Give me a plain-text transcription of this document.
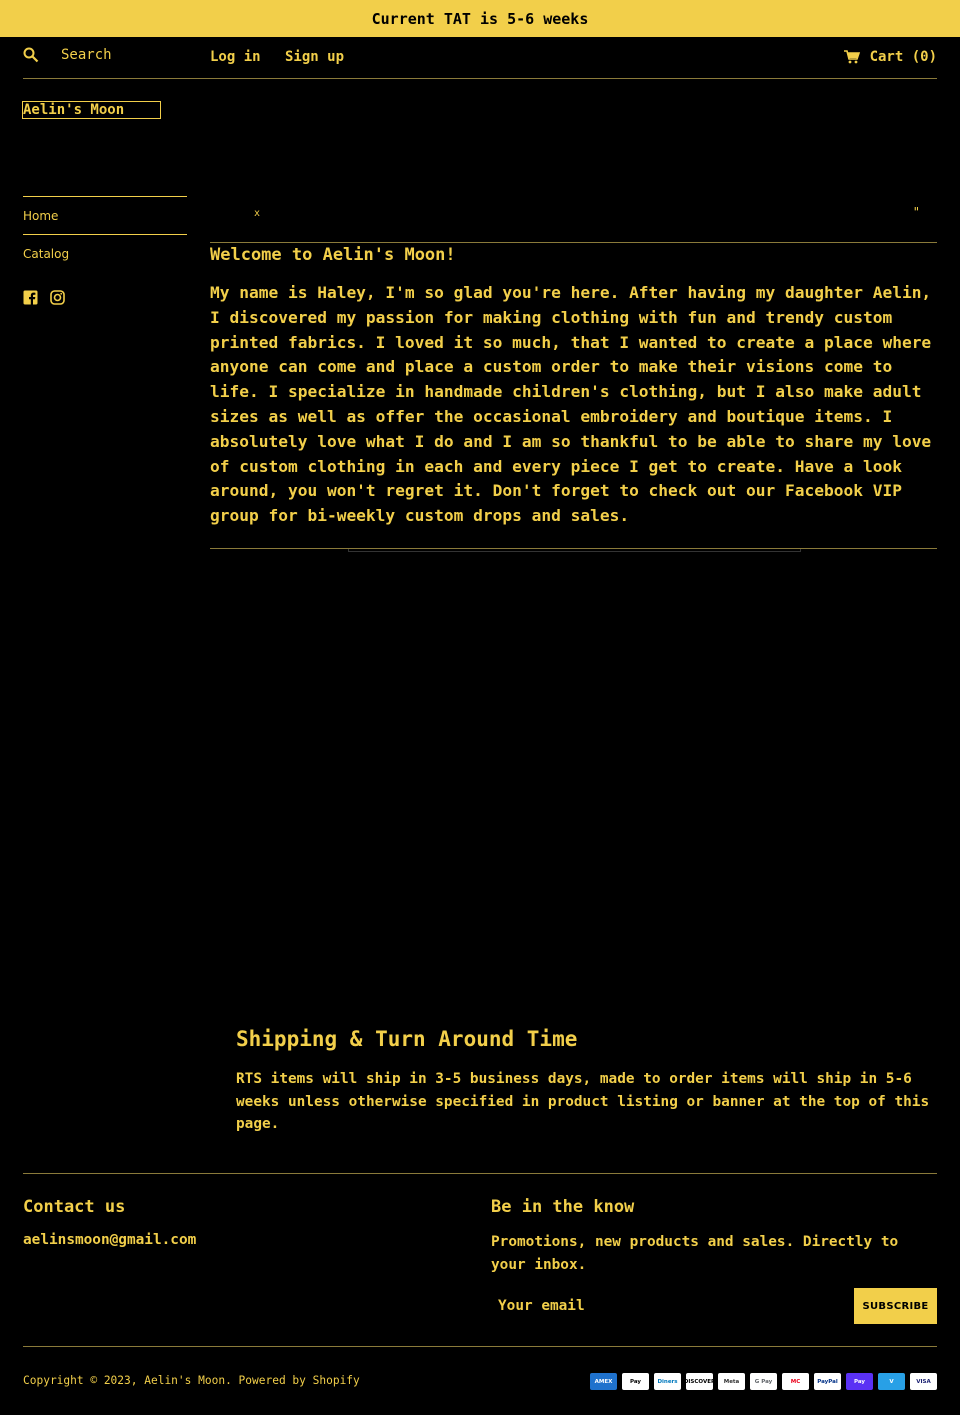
Current TAT is 5-6 weeks
Search	Log in Sign up	Cart (0)
Aelin's Moon
Home
Catalog
x	"
Welcome to Aelin's Moon!

My name is Haley, I'm so glad you're here. After having my daughter Aelin, I discovered my passion for making clothing with fun and trendy custom printed fabrics. I loved it so much, that I wanted to create a place where anyone can come and place a custom order to make their visions come to life. I specialize in handmade children's clothing, but I also make adult sizes as well as offer the occasional embroidery and boutique items. I absolutely love what I do and I am so thankful to be able to share my love of custom clothing in each and every piece I get to create. Have a look around, you won't regret it. Don't forget to check out our Facebook VIP group for bi-weekly custom drops and sales.

Shipping & Turn Around Time

RTS items will ship in 3-5 business days, made to order items will ship in 5-6 weeks unless otherwise specified in product listing or banner at the top of this page.

Contact us
aelinsmoon@gmail.com
Be in the know

Promotions, new products and sales. Directly to your inbox.

Your email
SUBSCRIBE
Copyright © 2023, Aelin's Moon. Powered by Shopify	AMEX	Pay	Diners	DISCOVER	Meta	G Pay	MC	PayPal	Pay	V	VISA
